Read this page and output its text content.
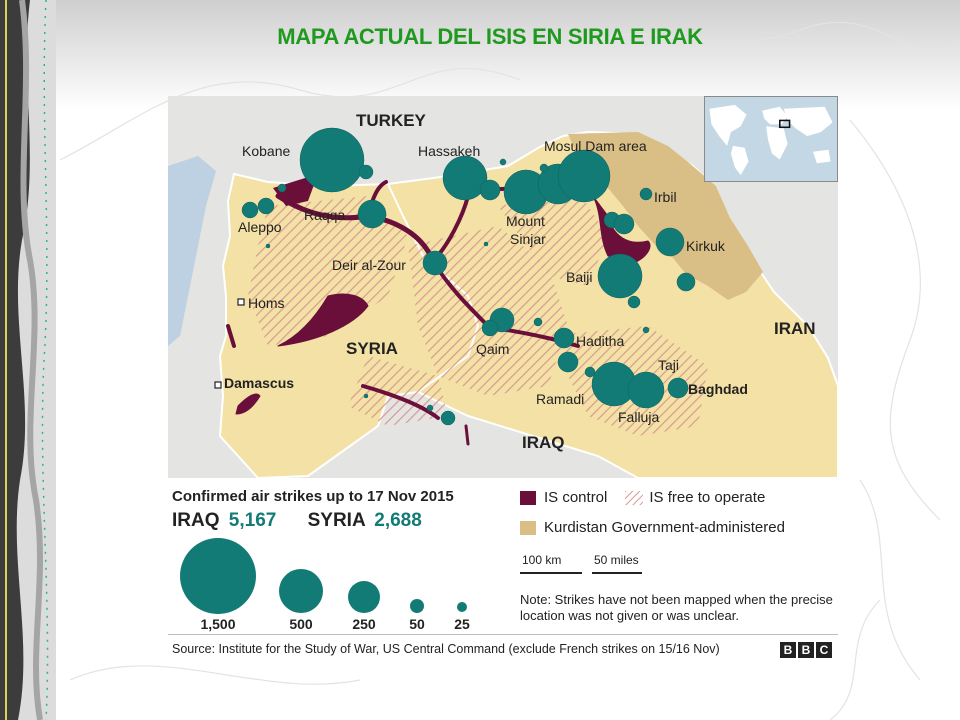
MAPA ACTUAL DEL ISIS EN SIRIA E IRAK
TURKEY
IRAN
SYRIA
IRAQ
Kobane	Hassakeh	Mosul Dam area
Raqqa
Aleppo
Irbil
Mount
Sinjar
Deir al-Zour
Kirkuk
Baiji
Homs
Qaim	Haditha
Taji
Damascus	Baghdad
Ramadi
Falluja
Confirmed air strikes up to 17 Nov 2015
IRAQ 5,167 SYRIA 2,688
1,500	500	250	50	25
IS control	IS free to operate
Kurdistan Government-administered
100 km	50 miles
Note: Strikes have not been mapped when the precise location was not given or was unclear.
Source: Institute for the Study of War, US Central Command (exclude French strikes on 15/16 Nov)	B B C
